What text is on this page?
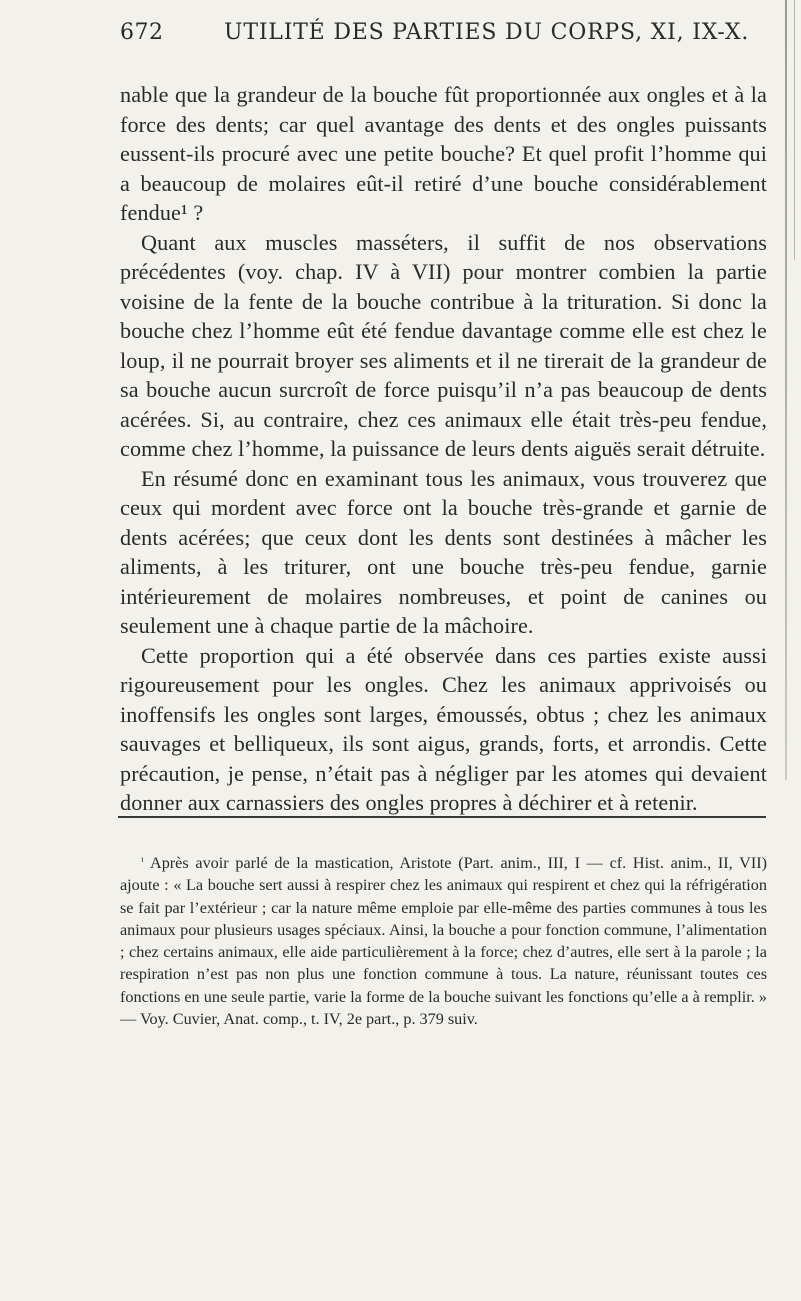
672	UTILITÉ DES PARTIES DU CORPS, XI, IX-X.

nable que la grandeur de la bouche fût proportionnée aux ongles et à la force des dents; car quel avantage des dents et des ongles puissants eussent-ils procuré avec une petite bouche? Et quel profit l’homme qui a beaucoup de molaires eût-il retiré d’une bouche considérablement fendue¹ ?

Quant aux muscles masséters, il suffit de nos observations précédentes (voy. chap. IV à VII) pour montrer combien la partie voisine de la fente de la bouche contribue à la trituration. Si donc la bouche chez l’homme eût été fendue davantage comme elle est chez le loup, il ne pourrait broyer ses aliments et il ne tirerait de la grandeur de sa bouche aucun surcroît de force puisqu’il n’a pas beaucoup de dents acérées. Si, au contraire, chez ces animaux elle était très-peu fendue, comme chez l’homme, la puissance de leurs dents aiguës serait détruite.

En résumé donc en examinant tous les animaux, vous trouverez que ceux qui mordent avec force ont la bouche très-grande et garnie de dents acérées; que ceux dont les dents sont destinées à mâcher les aliments, à les triturer, ont une bouche très-peu fendue, garnie intérieurement de molaires nombreuses, et point de canines ou seulement une à chaque partie de la mâchoire.

Cette proportion qui a été observée dans ces parties existe aussi rigoureusement pour les ongles. Chez les animaux apprivoisés ou inoffensifs les ongles sont larges, émoussés, obtus ; chez les animaux sauvages et belliqueux, ils sont aigus, grands, forts, et arrondis. Cette précaution, je pense, n’était pas à négliger par les atomes qui devaient donner aux carnassiers des ongles propres à déchirer et à retenir.

$^{^1}$ Après avoir parlé de la mastication, Aristote (Part. anim., III, I — cf. Hist. anim., II, VII) ajoute : « La bouche sert aussi à respirer chez les animaux qui respirent et chez qui la réfrigération se fait par l’extérieur ; car la nature même emploie par elle-même des parties communes à tous les animaux pour plusieurs usages spéciaux. Ainsi, la bouche a pour fonction commune, l’alimentation ; chez certains animaux, elle aide particulièrement à la force; chez d’autres, elle sert à la parole ; la respiration n’est pas non plus une fonction commune à tous. La nature, réunissant toutes ces fonctions en une seule partie, varie la forme de la bouche suivant les fonctions qu’elle a à remplir. » — Voy. Cuvier, Anat. comp., t. IV, 2e part., p. 379 suiv.
